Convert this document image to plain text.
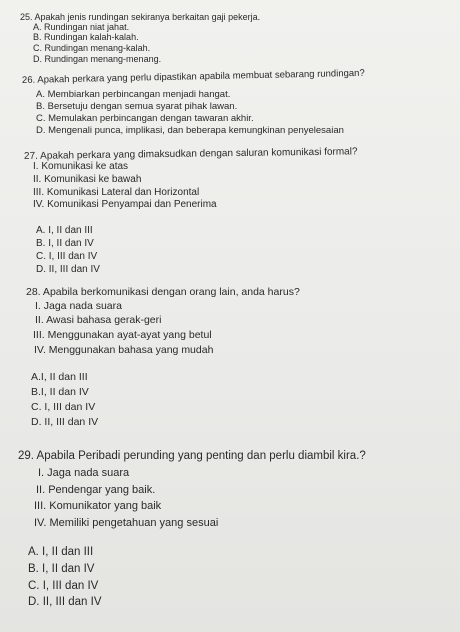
25. Apakah jenis rundingan sekiranya berkaitan gaji pekerja.
A. Rundingan niat jahat.
B. Rundingan kalah-kalah.
C. Rundingan menang-kalah.
D. Rundingan menang-menang.
26. Apakah perkara yang perlu dipastikan apabila membuat sebarang rundingan?
A. Membiarkan perbincangan menjadi hangat.
B. Bersetuju dengan semua syarat pihak lawan.
C. Memulakan perbincangan dengan tawaran akhir.
D. Mengenali punca, implikasi, dan beberapa kemungkinan penyelesaian
27. Apakah perkara yang dimaksudkan dengan saluran komunikasi formal?
I. Komunikasi ke atas
II. Komunikasi ke bawah
III. Komunikasi Lateral dan Horizontal
IV. Komunikasi Penyampai dan Penerima
A. I, II dan III
B. I, II dan IV
C. I, III dan IV
D. II, III dan IV
28. Apabila berkomunikasi dengan orang lain, anda harus?
I. Jaga nada suara
II. Awasi bahasa gerak-geri
III. Menggunakan ayat-ayat yang betul
IV. Menggunakan bahasa yang mudah
A.I, II dan III
B.I, II dan IV
C. I, III dan IV
D. II, III dan IV
29. Apabila Peribadi perunding yang penting dan perlu diambil kira.?
I. Jaga nada suara
II. Pendengar yang baik.
III. Komunikator yang baik
IV. Memiliki pengetahuan yang sesuai
A. I, II dan III
B. I, II dan IV
C. I, III dan IV
D. II, III dan IV
